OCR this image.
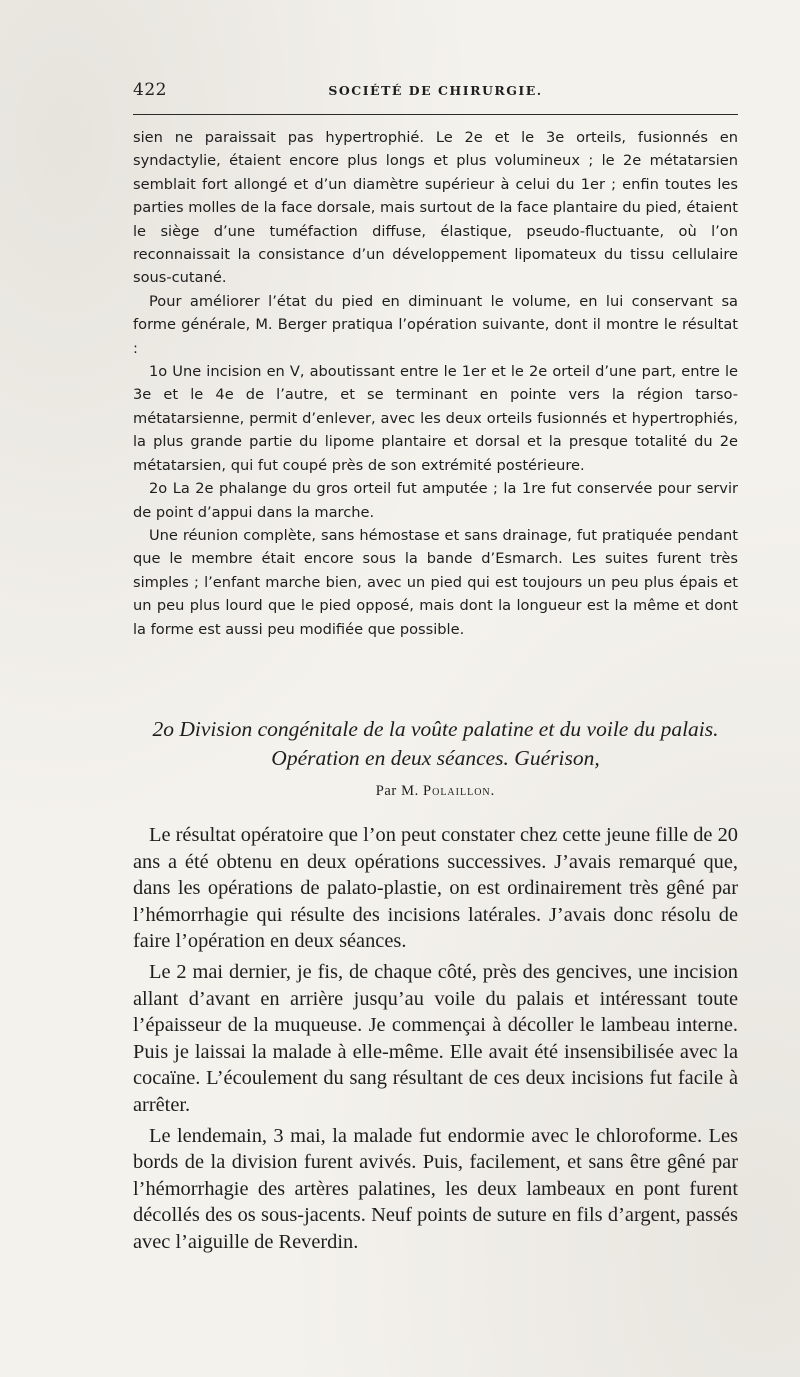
422	SOCIÉTÉ DE CHIRURGIE.

sien ne paraissait pas hypertrophié. Le 2e et le 3e orteils, fusionnés en syndactylie, étaient encore plus longs et plus volumineux ; le 2e métatarsien semblait fort allongé et d’un diamètre supérieur à celui du 1er ; enfin toutes les parties molles de la face dorsale, mais surtout de la face plantaire du pied, étaient le siège d’une tuméfaction diffuse, élastique, pseudo-fluctuante, où l’on reconnaissait la consistance d’un développement lipomateux du tissu cellulaire sous-cutané.

Pour améliorer l’état du pied en diminuant le volume, en lui conservant sa forme générale, M. Berger pratiqua l’opération suivante, dont il montre le résultat :

1o Une incision en V, aboutissant entre le 1er et le 2e orteil d’une part, entre le 3e et le 4e de l’autre, et se terminant en pointe vers la région tarso-métatarsienne, permit d’enlever, avec les deux orteils fusionnés et hypertrophiés, la plus grande partie du lipome plantaire et dorsal et la presque totalité du 2e métatarsien, qui fut coupé près de son extrémité postérieure.

2o La 2e phalange du gros orteil fut amputée ; la 1re fut conservée pour servir de point d’appui dans la marche.

Une réunion complète, sans hémostase et sans drainage, fut pratiquée pendant que le membre était encore sous la bande d’Esmarch. Les suites furent très simples ; l’enfant marche bien, avec un pied qui est toujours un peu plus épais et un peu plus lourd que le pied opposé, mais dont la longueur est la même et dont la forme est aussi peu modifiée que possible.

2o Division congénitale de la voûte palatine et du voile du palais.
Opération en deux séances. Guérison,
Par M. Polaillon.

Le résultat opératoire que l’on peut constater chez cette jeune fille de 20 ans a été obtenu en deux opérations successives. J’avais remarqué que, dans les opérations de palato-plastie, on est ordinairement très gêné par l’hémorrhagie qui résulte des incisions latérales. J’avais donc résolu de faire l’opération en deux séances.

Le 2 mai dernier, je fis, de chaque côté, près des gencives, une incision allant d’avant en arrière jusqu’au voile du palais et intéressant toute l’épaisseur de la muqueuse. Je commençai à décoller le lambeau interne. Puis je laissai la malade à elle-même. Elle avait été insensibilisée avec la cocaïne. L’écoulement du sang résultant de ces deux incisions fut facile à arrêter.

Le lendemain, 3 mai, la malade fut endormie avec le chloroforme. Les bords de la division furent avivés. Puis, facilement, et sans être gêné par l’hémorrhagie des artères palatines, les deux lambeaux en pont furent décollés des os sous-jacents. Neuf points de suture en fils d’argent, passés avec l’aiguille de Reverdin.
